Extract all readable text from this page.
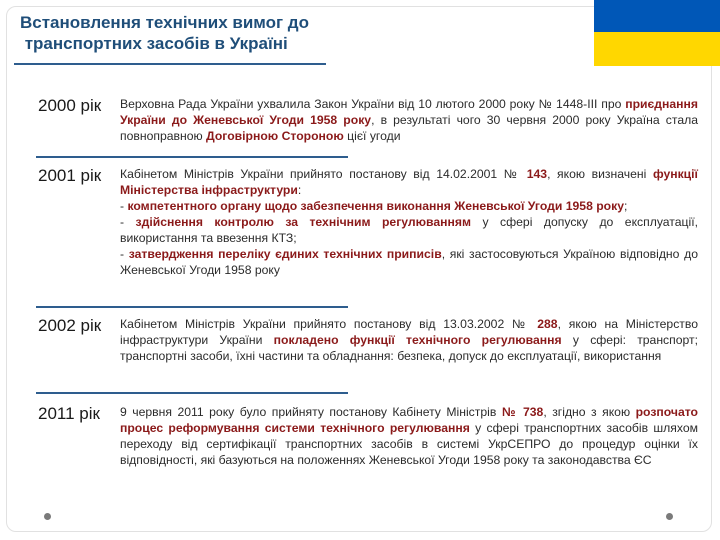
Встановлення технічних вимог до
транспортних засобів в Україні
2000 рік Верховна Рада України ухвалила Закон України від 10 лютого 2000 року № 1448-III про приєднання України до Женевської Угоди 1958 року, в результаті чого 30 червня 2000 року Україна стала повноправною Договірною Стороною цієї угоди
2001 рік Кабінетом Міністрів України прийнято постанову від 14.02.2001 № 143, якою визначені функції Міністерства інфраструктури:
- компетентного органу щодо забезпечення виконання Женевської Угоди 1958 року;
- здійснення контролю за технічним регулюванням у сфері допуску до експлуатації, використання та ввезення КТЗ;
- затвердження переліку єдиних технічних приписів, які застосовуються Україною відповідно до Женевської Угоди 1958 року
2002 рік Кабінетом Міністрів України прийнято постанову від 13.03.2002 № 288, якою на Міністерство інфраструктури України покладено функції технічного регулювання у сфері: транспорт; транспортні засоби, їхні частини та обладнання: безпека, допуск до експлуатації, використання
2011 рік 9 червня 2011 року було прийняту постанову Кабінету Міністрів № 738, згідно з якою розпочато процес реформування системи технічного регулювання у сфері транспортних засобів шляхом переходу від сертифікації транспортних засобів в системі УкрСЕПРО до процедур оцінки їх відповідності, які базуються на положеннях Женевської Угоди 1958 року та законодавства ЄС
